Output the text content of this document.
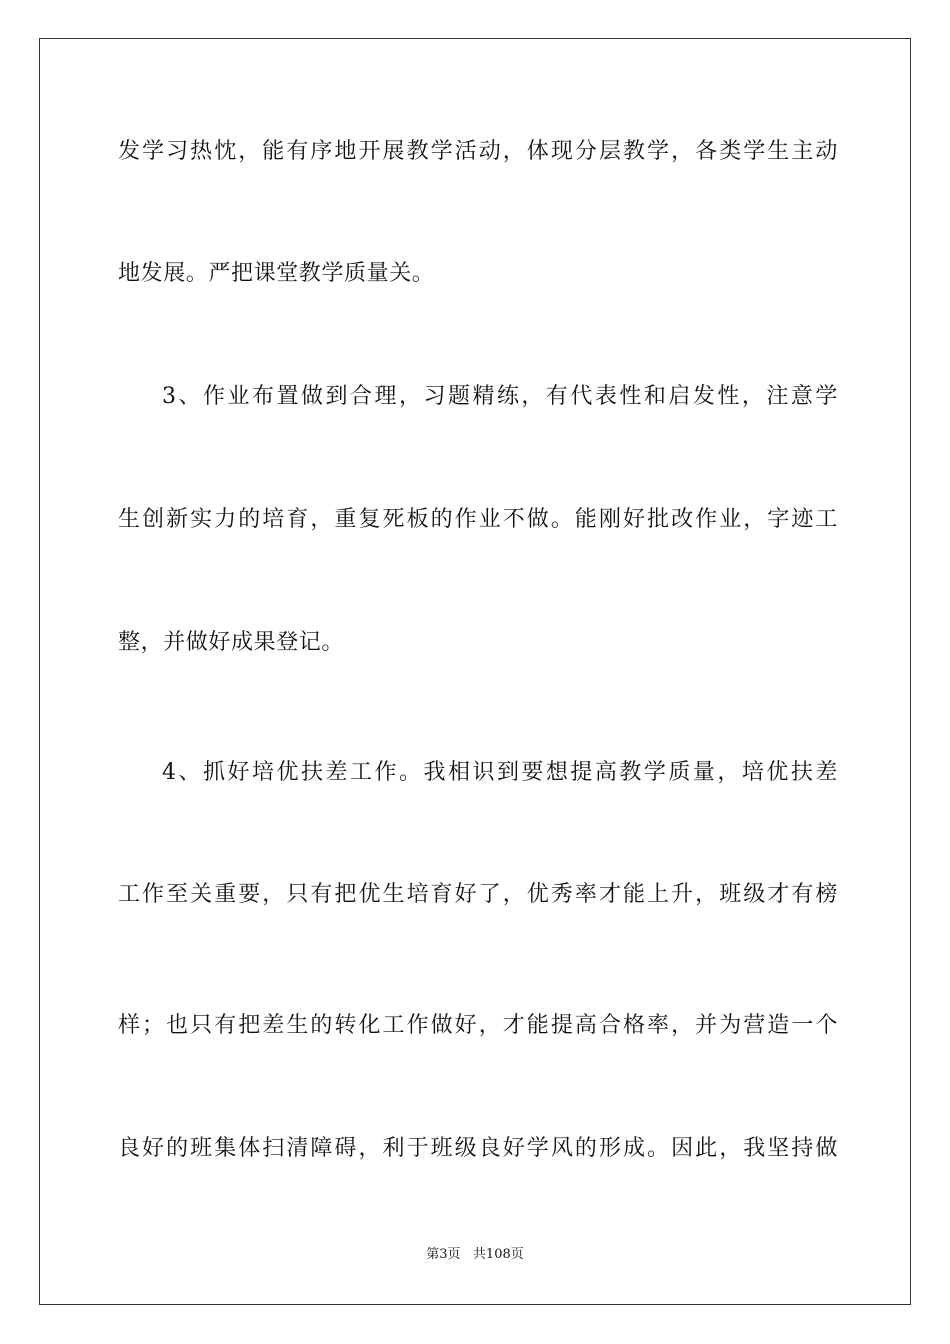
发学习热忱，能有序地开展教学活动，体现分层教学，各类学生主动
地发展。严把课堂教学质量关。
3、作业布置做到合理，习题精练，有代表性和启发性，注意学
生创新实力的培育，重复死板的作业不做。能刚好批改作业，字迹工
整，并做好成果登记。
4、抓好培优扶差工作。我相识到要想提高教学质量，培优扶差
工作至关重要，只有把优生培育好了，优秀率才能上升，班级才有榜
样；也只有把差生的转化工作做好，才能提高合格率，并为营造一个
良好的班集体扫清障碍，利于班级良好学风的形成。因此，我坚持做
第3页 共108页
